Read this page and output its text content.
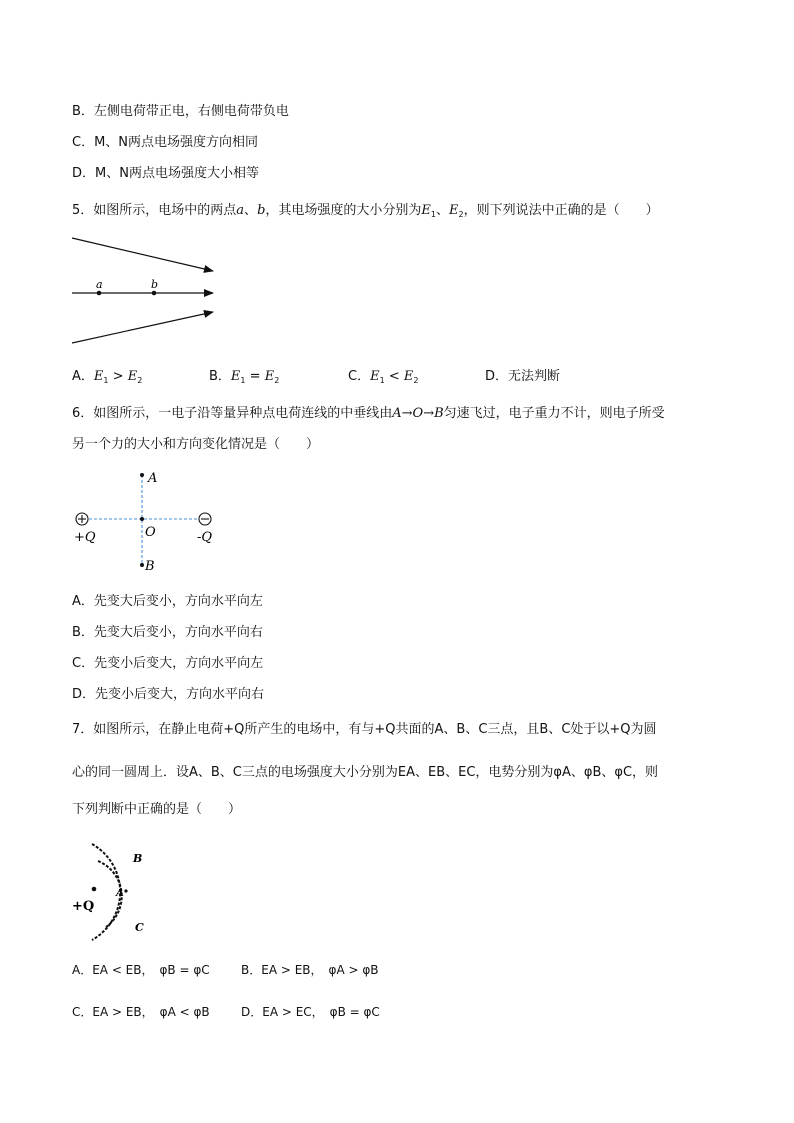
B．左侧电荷带正电，右侧电荷带负电
C．M、N两点电场强度方向相同
D．M、N两点电场强度大小相等
5．如图所示，电场中的两点a、b，其电场强度的大小分别为$E_1$、$E_2$，则下列说法中正确的是（　　）
a	b
A．$E_1 > E_2$	B．$E_1 = E_2$	C．$E_1 < E_2$	D．无法判断
6．如图所示，一电子沿等量异种点电荷连线的中垂线由A→O→B匀速飞过，电子重力不计，则电子所受
另一个力的大小和方向变化情况是（　　）
A
O
B
+Q	-Q
A．先变大后变小，方向水平向左
B．先变大后变小，方向水平向右
C．先变小后变大，方向水平向左
D．先变小后变大，方向水平向右
7．如图所示，在静止电荷+Q所产生的电场中，有与+Q共面的A、B、C三点，且B、C处于以+Q为圆
心的同一圆周上．设A、B、C三点的电场强度大小分别为EA、EB、EC，电势分别为φA、φB、φC，则
下列判断中正确的是（　　）
B
A
+Q
C
A．EA < EB，　φB = φC	B．EA > EB，　φA > φB
C．EA > EB，　φA < φB	D．EA > EC，　φB = φC
